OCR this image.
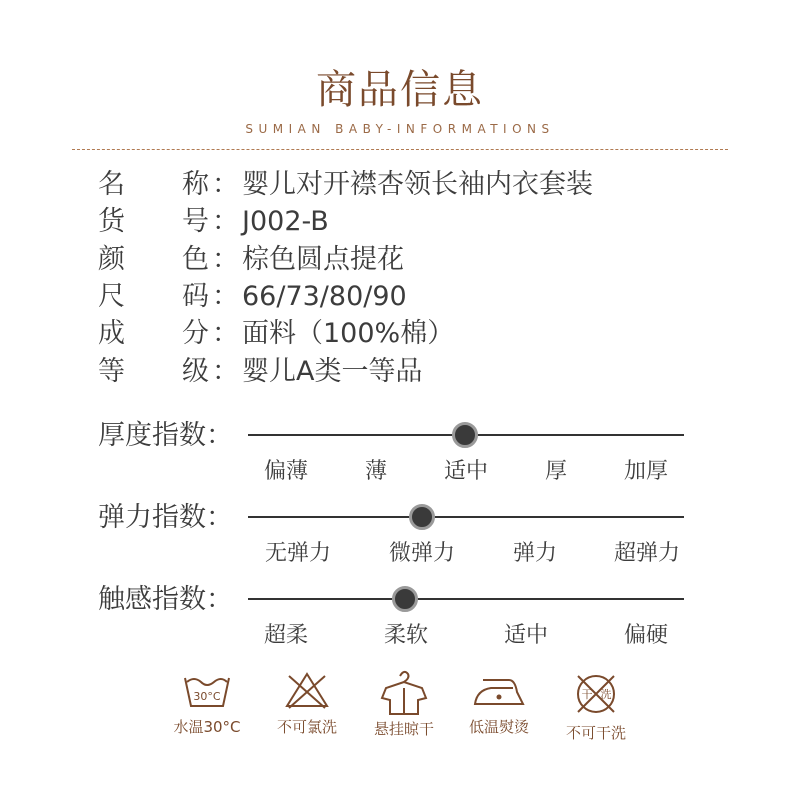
商品信息
SUMIAN BABY-INFORMATIONS
名	称 ： 婴儿对开襟杏领长袖内衣套装
货	号 ： J002-B
颜	色 ： 棕色圆点提花
尺	码 ： 66/73/80/90
成	分 ： 面料（100%棉）
等	级 ： 婴儿A类一等品
厚度指数：
偏薄	薄	适中	厚	加厚
弹力指数：
无弹力	微弹力	弹力	超弹力
触感指数：
超柔	柔软	适中	偏硬
30°C
水温30°C	不可氯洗	悬挂晾干	低温熨烫
干 洗
不可干洗
